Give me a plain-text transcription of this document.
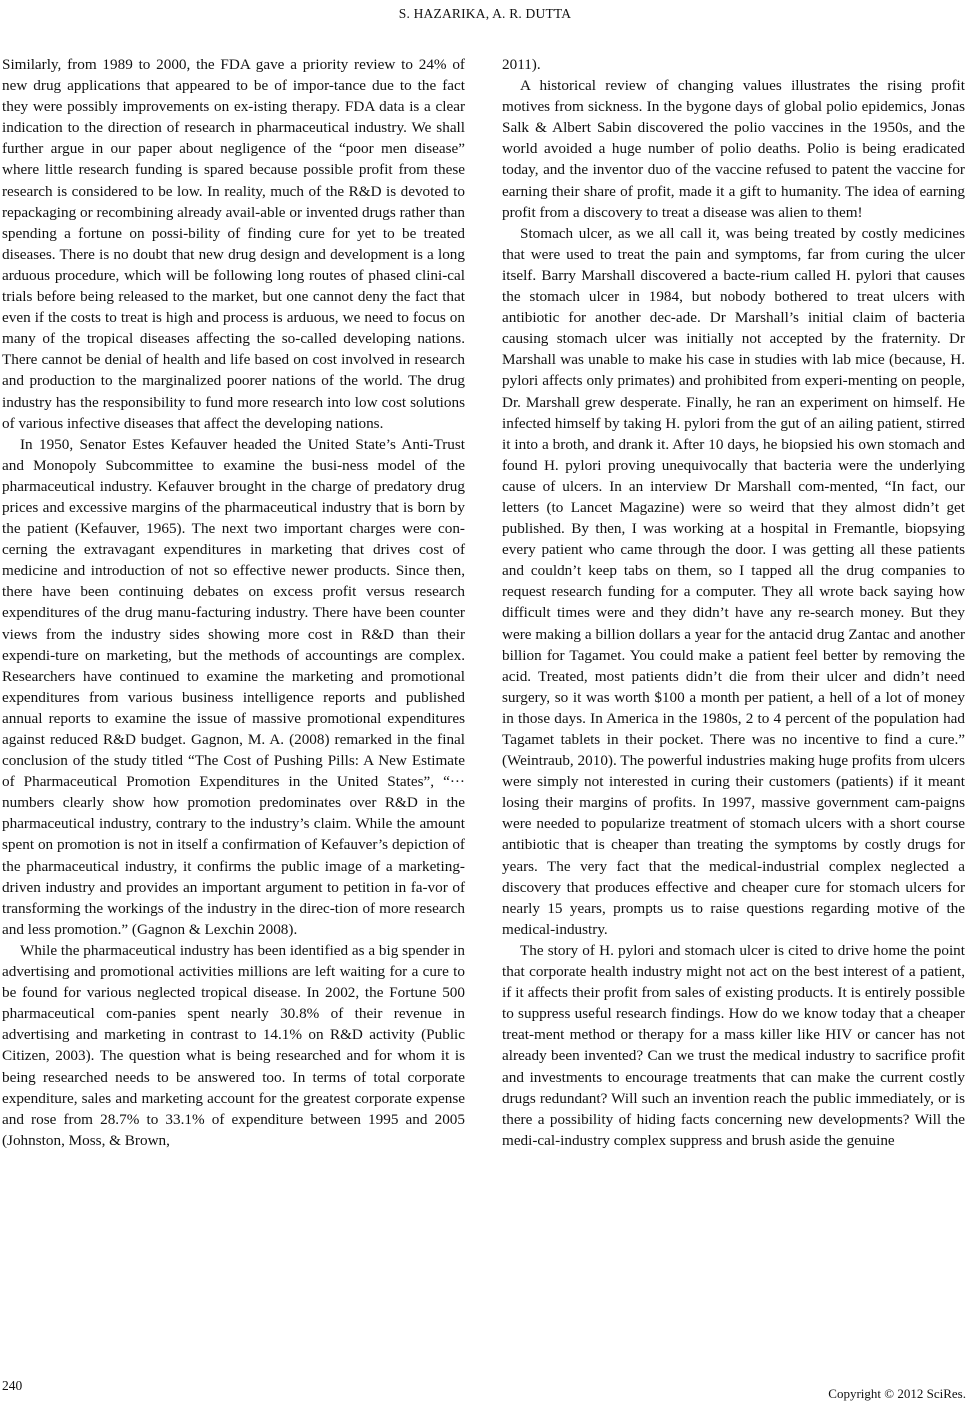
S. HAZARIKA, A. R. DUTTA

Similarly, from 1989 to 2000, the FDA gave a priority review to 24% of new drug applications that appeared to be of impor-tance due to the fact they were possibly improvements on ex-isting therapy. FDA data is a clear indication to the direction of research in pharmaceutical industry. We shall further argue in our paper about negligence of the “poor men disease” where little research funding is spared because possible profit from these research is considered to be low. In reality, much of the R&D is devoted to repackaging or recombining already avail-able or invented drugs rather than spending a fortune on possi-bility of finding cure for yet to be treated diseases. There is no doubt that new drug design and development is a long arduous procedure, which will be following long routes of phased clini-cal trials before being released to the market, but one cannot deny the fact that even if the costs to treat is high and process is arduous, we need to focus on many of the tropical diseases affecting the so-called developing nations. There cannot be denial of health and life based on cost involved in research and production to the marginalized poorer nations of the world. The drug industry has the responsibility to fund more research into low cost solutions of various infective diseases that affect the developing nations.

In 1950, Senator Estes Kefauver headed the United State’s Anti-Trust and Monopoly Subcommittee to examine the busi-ness model of the pharmaceutical industry. Kefauver brought in the charge of predatory drug prices and excessive margins of the pharmaceutical industry that is born by the patient (Kefauver, 1965). The next two important charges were con-cerning the extravagant expenditures in marketing that drives cost of medicine and introduction of not so effective newer products. Since then, there have been continuing debates on excess profit versus research expenditures of the drug manu-facturing industry. There have been counter views from the industry sides showing more cost in R&D than their expendi-ture on marketing, but the methods of accountings are complex. Researchers have continued to examine the marketing and promotional expenditures from various business intelligence reports and published annual reports to examine the issue of massive promotional expenditures against reduced R&D budget. Gagnon, M. A. (2008) remarked in the final conclusion of the study titled “The Cost of Pushing Pills: A New Estimate of Pharmaceutical Promotion Expenditures in the United States”, “··· numbers clearly show how promotion predominates over R&D in the pharmaceutical industry, contrary to the industry’s claim. While the amount spent on promotion is not in itself a confirmation of Kefauver’s depiction of the pharmaceutical industry, it confirms the public image of a marketing-driven industry and provides an important argument to petition in fa-vor of transforming the workings of the industry in the direc-tion of more research and less promotion.” (Gagnon & Lexchin 2008).

While the pharmaceutical industry has been identified as a big spender in advertising and promotional activities millions are left waiting for a cure to be found for various neglected tropical disease. In 2002, the Fortune 500 pharmaceutical com-panies spent nearly 30.8% of their revenue in advertising and marketing in contrast to 14.1% on R&D activity (Public Citizen, 2003). The question what is being researched and for whom it is being researched needs to be answered too. In terms of total corporate expenditure, sales and marketing account for the greatest corporate expense and rose from 28.7% to 33.1% of expenditure between 1995 and 2005 (Johnston, Moss, & Brown,

2011).

A historical review of changing values illustrates the rising profit motives from sickness. In the bygone days of global polio epidemics, Jonas Salk & Albert Sabin discovered the polio vaccines in the 1950s, and the world avoided a huge number of polio deaths. Polio is being eradicated today, and the inventor duo of the vaccine refused to patent the vaccine for earning their share of profit, made it a gift to humanity. The idea of earning profit from a discovery to treat a disease was alien to them!

Stomach ulcer, as we all call it, was being treated by costly medicines that were used to treat the pain and symptoms, far from curing the ulcer itself. Barry Marshall discovered a bacte-rium called H. pylori that causes the stomach ulcer in 1984, but nobody bothered to treat ulcers with antibiotic for another dec-ade. Dr Marshall’s initial claim of bacteria causing stomach ulcer was initially not accepted by the fraternity. Dr Marshall was unable to make his case in studies with lab mice (because, H. pylori affects only primates) and prohibited from experi-menting on people, Dr. Marshall grew desperate. Finally, he ran an experiment on himself. He infected himself by taking H. pylori from the gut of an ailing patient, stirred it into a broth, and drank it. After 10 days, he biopsied his own stomach and found H. pylori proving unequivocally that bacteria were the underlying cause of ulcers. In an interview Dr Marshall com-mented, “In fact, our letters (to Lancet Magazine) were so weird that they almost didn’t get published. By then, I was working at a hospital in Fremantle, biopsying every patient who came through the door. I was getting all these patients and couldn’t keep tabs on them, so I tapped all the drug companies to request research funding for a computer. They all wrote back saying how difficult times were and they didn’t have any re-search money. But they were making a billion dollars a year for the antacid drug Zantac and another billion for Tagamet. You could make a patient feel better by removing the acid. Treated, most patients didn’t die from their ulcer and didn’t need surgery, so it was worth $100 a month per patient, a hell of a lot of money in those days. In America in the 1980s, 2 to 4 percent of the population had Tagamet tablets in their pocket. There was no incentive to find a cure.” (Weintraub, 2010). The powerful industries making huge profits from ulcers were simply not interested in curing their customers (patients) if it meant losing their margins of profits. In 1997, massive government cam-paigns were needed to popularize treatment of stomach ulcers with a short course antibiotic that is cheaper than treating the symptoms by costly drugs for years. The very fact that the medical-industrial complex neglected a discovery that produces effective and cheaper cure for stomach ulcers for nearly 15 years, prompts us to raise questions regarding motive of the medical-industry.

The story of H. pylori and stomach ulcer is cited to drive home the point that corporate health industry might not act on the best interest of a patient, if it affects their profit from sales of existing products. It is entirely possible to suppress useful research findings. How do we know today that a cheaper treat-ment method or therapy for a mass killer like HIV or cancer has not already been invented? Can we trust the medical industry to sacrifice profit and investments to encourage treatments that can make the current costly drugs redundant? Will such an invention reach the public immediately, or is there a possibility of hiding facts concerning new developments? Will the medi-cal-industry complex suppress and brush aside the genuine

240
Copyright © 2012 SciRes.
